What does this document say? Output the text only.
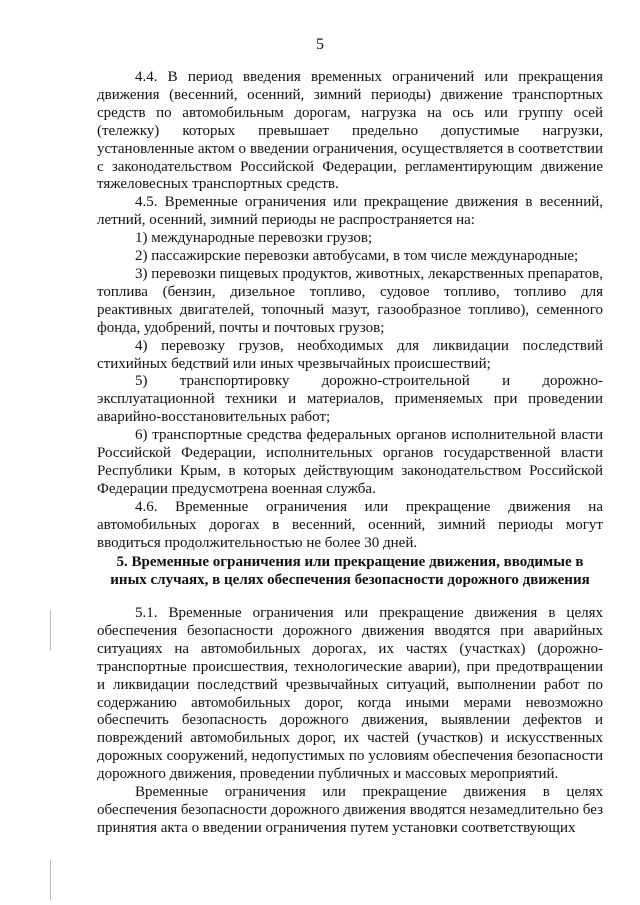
5

4.4. В период введения временных ограничений или прекращения движения (весенний, осенний, зимний периоды) движение транспортных средств по автомобильным дорогам, нагрузка на ось или группу осей (тележку) которых превышает предельно допустимые нагрузки, установленные актом о введении ограничения, осуществляется в соответствии с законодательством Российской Федерации, регламентирующим движение тяжеловесных транспортных средств.

4.5. Временные ограничения или прекращение движения в весенний, летний, осенний, зимний периоды не распространяется на:

1) международные перевозки грузов;

2) пассажирские перевозки автобусами, в том числе международные;

3) перевозки пищевых продуктов, животных, лекарственных препаратов, топлива (бензин, дизельное топливо, судовое топливо, топливо для реактивных двигателей, топочный мазут, газообразное топливо), семенного фонда, удобрений, почты и почтовых грузов;

4) перевозку грузов, необходимых для ликвидации последствий стихийных бедствий или иных чрезвычайных происшествий;

5) транспортировку дорожно-строительной и дорожно-эксплуатационной техники и материалов, применяемых при проведении аварийно-восстановительных работ;

6) транспортные средства федеральных органов исполнительной власти Российской Федерации, исполнительных органов государственной власти Республики Крым, в которых действующим законодательством Российской Федерации предусмотрена военная служба.

4.6. Временные ограничения или прекращение движения на автомобильных дорогах в весенний, осенний, зимний периоды могут вводиться продолжительностью не более 30 дней.

5. Временные ограничения или прекращение движения, вводимые в иных случаях, в целях обеспечения безопасности дорожного движения

5.1. Временные ограничения или прекращение движения в целях обеспечения безопасности дорожного движения вводятся при аварийных ситуациях на автомобильных дорогах, их частях (участках) (дорожно-транспортные происшествия, технологические аварии), при предотвращении и ликвидации последствий чрезвычайных ситуаций, выполнении работ по содержанию автомобильных дорог, когда иными мерами невозможно обеспечить безопасность дорожного движения, выявлении дефектов и повреждений автомобильных дорог, их частей (участков) и искусственных дорожных сооружений, недопустимых по условиям обеспечения безопасности дорожного движения, проведении публичных и массовых мероприятий.

Временные ограничения или прекращение движения в целях обеспечения безопасности дорожного движения вводятся незамедлительно без принятия акта о введении ограничения путем установки соответствующих
